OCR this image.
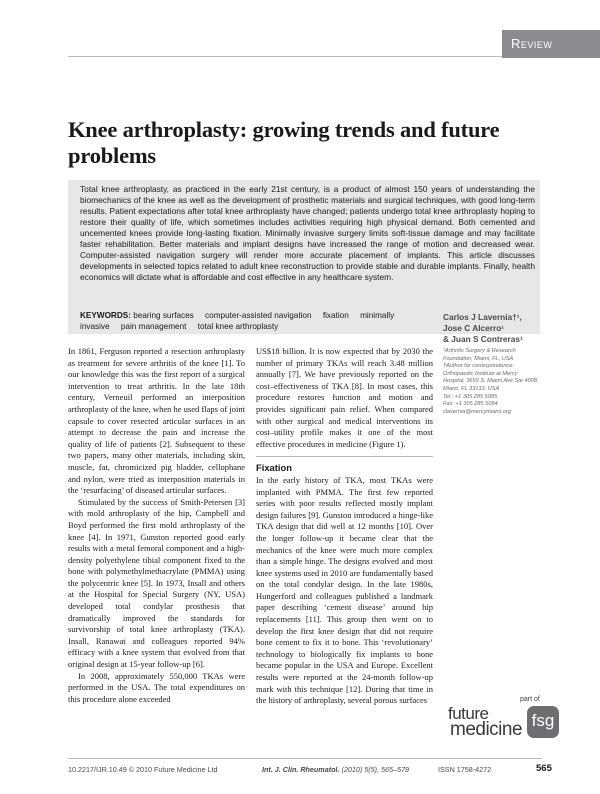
Review
Knee arthroplasty: growing trends and future problems

Total knee arthroplasty, as practiced in the early 21st century, is a product of almost 150 years of understanding the biomechanics of the knee as well as the development of prosthetic materials and surgical techniques, with good long-term results. Patient expectations after total knee arthroplasty have changed; patients undergo total knee arthroplasty hoping to restore their quality of life, which sometimes includes activities requiring high physical demand. Both cemented and uncemented knees provide long-lasting fixation. Minimally invasive surgery limits soft-tissue damage and may facilitate faster rehabilitation. Better materials and implant designs have increased the range of motion and decreased wear. Computer-assisted navigation surgery will render more accurate placement of implants. This article discusses developments in selected topics related to adult knee reconstruction to provide stable and durable implants. Finally, health economics will dictate what is affordable and cost effective in any healthcare system.

KEYWORDS: bearing surfaces computer-assisted navigation fixation minimally invasive pain management total knee arthroplasty
Carlos J Lavernia†¹,
Jose C Alcerro¹
& Juan S Contreras¹
¹Arthritis Surgery & Research
Foundation, Miami, FL, USA
†Author for correspondence:
Orthopaedic Institute at Mercy
Hospital, 3659 S. Miami Ave Ste 4008,
Miami, FL 33133, USA
Tel.: +1 305 285 5085
Fax: +1 305 285 5084
clavernia@mercymiami.org

In 1861, Ferguson reported a resection arthroplasty as treatment for severe arthritis of the knee [1]. To our knowledge this was the first report of a surgical intervention to treat arthritis. In the late 18th century, Verneuil performed an interposition arthroplasty of the knee, when he used flaps of joint capsule to cover resected articular surfaces in an attempt to decrease the pain and increase the quality of life of patients [2]. Subsequent to these two papers, many other materials, including skin, muscle, fat, chromicized pig bladder, cellophane and nylon, were tried as interposition materials in the ‘resurfacing’ of diseased articular surfaces.

Stimulated by the success of Smith-Petersen [3] with mold arthroplasty of the hip, Campbell and Boyd performed the first mold arthroplasty of the knee [4]. In 1971, Gunston reported good early results with a metal femoral component and a high-density polyethylene tibial component fixed to the bone with polymethylmethacrylate (PMMA) using the polycentric knee [5]. In 1973, Insall and others at the Hospital for Special Surgery (NY, USA) developed total condylar prosthesis that dramatically improved the standards for survivorship of total knee arthroplasty (TKA). Insall, Ranawat and colleagues reported 94% efficacy with a knee system that evolved from that original design at 15-year follow-up [6].

In 2008, approximately 550,000 TKAs were performed in the USA. The total expenditures on this procedure alone exceeded

US$18 billion. It is now expected that by 2030 the number of primary TKAs will reach 3.48 million annually [7]. We have previously reported on the cost–effectiveness of TKA [8]. In most cases, this procedure restores function and motion and provides significant pain relief. When compared with other surgical and medical interventions its cost–utility profile makes it one of the most effective procedures in medicine (Figure 1).

Fixation

In the early history of TKA, most TKAs were implanted with PMMA. The first few reported series with poor results reflected mostly implant design failures [9]. Gunston introduced a hinge-like TKA design that did well at 12 months [10]. Over the longer follow-up it became clear that the mechanics of the knee were much more complex than a simple hinge. The designs evolved and most knee systems used in 2010 are fundamentally based on the total condylar design. In the late 1980s, Hungerford and colleagues published a landmark paper describing ‘cement disease’ around hip replacements [11]. This group then went on to develop the first knee design that did not require bone cement to fix it to bone. This ‘revolutionary’ technology to biologically fix implants to bone became popular in the USA and Europe. Excellent results were reported at the 24-month follow-up mark with this technique [12]. During that time in the history of arthroplasty, several porous surfaces	part of
future
medicine fsg
10.2217/IJR.10.49 © 2010 Future Medicine Ltd	Int. J. Clin. Rheumatol. (2010) 5(5), 565–579	ISSN 1758-4272	565
